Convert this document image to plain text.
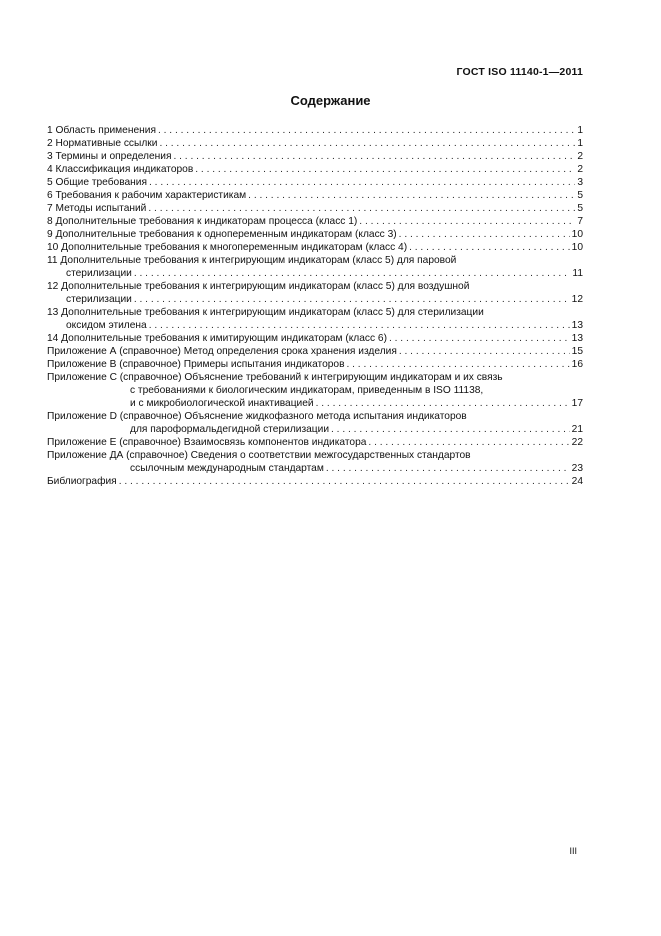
ГОСТ ISO 11140-1—2011
Содержание
1 Область применения . . .	1
2 Нормативные ссылки . . .	1
3 Термины и определения . . .	2
4 Классификация индикаторов . . .	2
5 Общие требования . . .	3
6 Требования к рабочим характеристикам . . .	5
7 Методы испытаний . . .	5
8 Дополнительные требования к индикаторам процесса (класс 1) . . .	7
9 Дополнительные требования к однопеременным индикаторам (класс 3) . . .	10
10 Дополнительные требования к многопеременным индикаторам (класс 4) . . .	10
11 Дополнительные требования к интегрирующим индикаторам (класс 5) для паровой
стерилизации . . .	11
12 Дополнительные требования к интегрирующим индикаторам (класс 5) для воздушной
стерилизации . . .	12
13 Дополнительные требования к интегрирующим индикаторам (класс 5) для стерилизации
оксидом этилена . . .	13
14 Дополнительные требования к имитирующим индикаторам (класс 6) . . .	13
Приложение А (справочное) Метод определения срока хранения изделия . . .	15
Приложение В (справочное) Примеры испытания индикаторов . . .	16
Приложение С (справочное) Объяснение требований к интегрирующим индикаторам и их связь
с требованиями к биологическим индикаторам, приведенным в ISO 11138,
и с микробиологической инактивацией . . .	17
Приложение D (справочное) Объяснение жидкофазного метода испытания индикаторов
для пароформальдегидной стерилизации . . .	21
Приложение Е (справочное) Взаимосвязь компонентов индикатора . . .	22
Приложение ДА (справочное) Сведения о соответствии межгосударственных стандартов
ссылочным международным стандартам . . .	23
Библиография . . .	24
III
